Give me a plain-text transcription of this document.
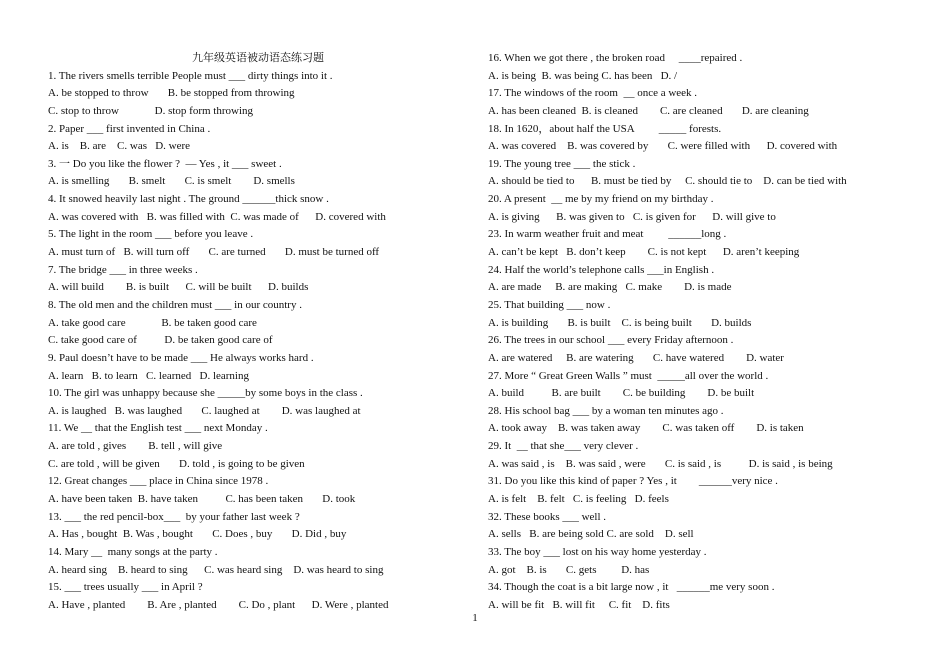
九年级英语被动语态练习题
1. The rivers smells terrible People must ___ dirty things into it .
A. be stopped to throw       B. be stopped from throwing
C. stop to throw             D. stop form throwing
2. Paper ___ first invented in China .
A. is    B. are    C. was   D. were
3. 一 Do you like the flower ?  — Yes , it ___ sweet .
A. is smelling       B. smelt       C. is smelt        D. smells
4. It snowed heavily last night . The ground ______thick snow .
A. was covered with   B. was filled with  C. was made of      D. covered with
5. The light in the room ___ before you leave .
A. must turn of   B. will turn off       C. are turned       D. must be turned off
7. The bridge ___ in three weeks .
A. will build        B. is built      C. will be built      D. builds
8. The old men and the children must ___ in our country .
A. take good care             B. be taken good care
C. take good care of          D. be taken good care of
9. Paul doesn’t have to be made ___ He always works hard .
A. learn   B. to learn   C. learned   D. learning
10. The girl was unhappy because she _____by some boys in the class .
A. is laughed   B. was laughed       C. laughed at        D. was laughed at
11. We __ that the English test ___ next Monday .
A. are told , gives        B. tell , will give
C. are told , will be given       D. told , is going to be given
12. Great changes ___ place in China since 1978 .
A. have been taken  B. have taken          C. has been taken       D. took
13. ___ the red pencil-box___  by your father last week ?
A. Has , bought  B. Was , bought       C. Does , buy       D. Did , buy
14. Mary __  many songs at the party .
A. heard sing    B. heard to sing      C. was heard sing    D. was heard to sing
15. ___ trees usually ___ in April ?
A. Have , planted        B. Are , planted        C. Do , plant      D. Were , planted
16. When we got there , the broken road     ____repaired .
A. is being  B. was being C. has been   D. /
17. The windows of the room  __ once a week .
A. has been cleaned  B. is cleaned        C. are cleaned       D. are cleaning
18. In 1620，about half the USA         _____ forests.
A. was covered    B. was covered by       C. were filled with      D. covered with
19. The young tree ___ the stick .
A. should be tied to      B. must be tied by     C. should tie to    D. can be tied with
20. A present  __ me by my friend on my birthday .
A. is giving      B. was given to   C. is given for      D. will give to
23. In warm weather fruit and meat         ______long .
A. can’t be kept   B. don’t keep        C. is not kept      D. aren’t keeping
24. Half the world’s telephone calls ___in English .
A. are made     B. are making   C. make        D. is made
25. That building ___ now .
A. is building       B. is built    C. is being built       D. builds
26. The trees in our school ___ every Friday afternoon .
A. are watered     B. are watering       C. have watered        D. water
27. More “ Great Green Walls ” must  _____all over the world .
A. build          B. are built        C. be building        D. be built
28. His school bag ___ by a woman ten minutes ago .
A. took away    B. was taken away        C. was taken off        D. is taken
29. It  __ that she___ very clever .
A. was said , is    B. was said , were       C. is said , is          D. is said , is being
31. Do you like this kind of paper ? Yes , it        ______very nice .
A. is felt    B. felt   C. is feeling   D. feels
32. These books ___ well .
A. sells   B. are being sold C. are sold    D. sell
33. The boy ___ lost on his way home yesterday .
A. got    B. is       C. gets         D. has
34. Though the coat is a bit large now , it   ______me very soon .
A. will be fit   B. will fit     C. fit    D. fits
1
